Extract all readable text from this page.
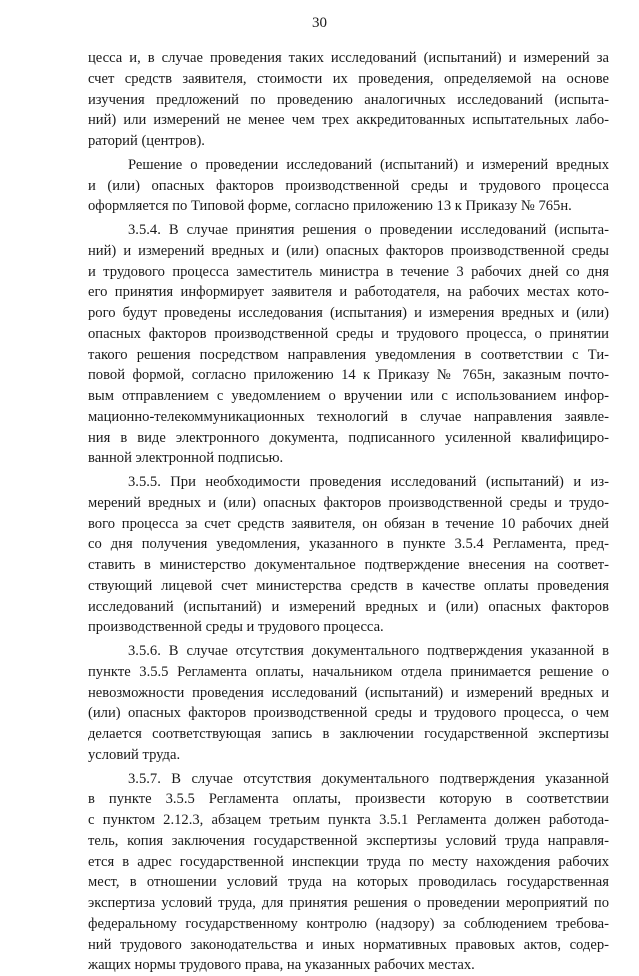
30
цесса и, в случае проведения таких исследований (испытаний) и измерений за
счет средств заявителя, стоимости их проведения, определяемой на основе
изучения предложений по проведению аналогичных исследований (испыта-
ний) или измерений не менее чем трех аккредитованных испытательных лабо-
раторий (центров).
Решение о проведении исследований (испытаний) и измерений вредных
и (или) опасных факторов производственной среды и трудового процесса
оформляется по Типовой форме, согласно приложению 13 к Приказу № 765н.
3.5.4. В случае принятия решения о проведении исследований (испыта-
ний) и измерений вредных и (или) опасных факторов производственной среды
и трудового процесса заместитель министра в течение 3 рабочих дней со дня
его принятия информирует заявителя и работодателя, на рабочих местах кото-
рого будут проведены исследования (испытания) и измерения вредных и (или)
опасных факторов производственной среды и трудового процесса, о принятии
такого решения посредством направления уведомления в соответствии с Ти-
повой формой, согласно приложению 14 к Приказу № 765н, заказным почто-
вым отправлением с уведомлением о вручении или с использованием инфор-
мационно-телекоммуникационных технологий в случае направления заявле-
ния в виде электронного документа, подписанного усиленной квалифициро-
ванной электронной подписью.
3.5.5. При необходимости проведения исследований (испытаний) и из-
мерений вредных и (или) опасных факторов производственной среды и трудо-
вого процесса за счет средств заявителя, он обязан в течение 10 рабочих дней
со дня получения уведомления, указанного в пункте 3.5.4 Регламента, пред-
ставить в министерство документальное подтверждение внесения на соответ-
ствующий лицевой счет министерства средств в качестве оплаты проведения
исследований (испытаний) и измерений вредных и (или) опасных факторов
производственной среды и трудового процесса.
3.5.6. В случае отсутствия документального подтверждения указанной в
пункте 3.5.5 Регламента оплаты, начальником отдела принимается решение о
невозможности проведения исследований (испытаний) и измерений вредных и
(или) опасных факторов производственной среды и трудового процесса, о чем
делается соответствующая запись в заключении государственной экспертизы
условий труда.
3.5.7. В случае отсутствия документального подтверждения указанной
в пункте 3.5.5 Регламента оплаты, произвести которую в соответствии
с пунктом 2.12.3, абзацем третьим пункта 3.5.1 Регламента должен работода-
тель, копия заключения государственной экспертизы условий труда направля-
ется в адрес государственной инспекции труда по месту нахождения рабочих
мест, в отношении условий труда на которых проводилась государственная
экспертиза условий труда, для принятия решения о проведении мероприятий по
федеральному государственному контролю (надзору) за соблюдением требова-
ний трудового законодательства и иных нормативных правовых актов, содер-
жащих нормы трудового права, на указанных рабочих местах.
